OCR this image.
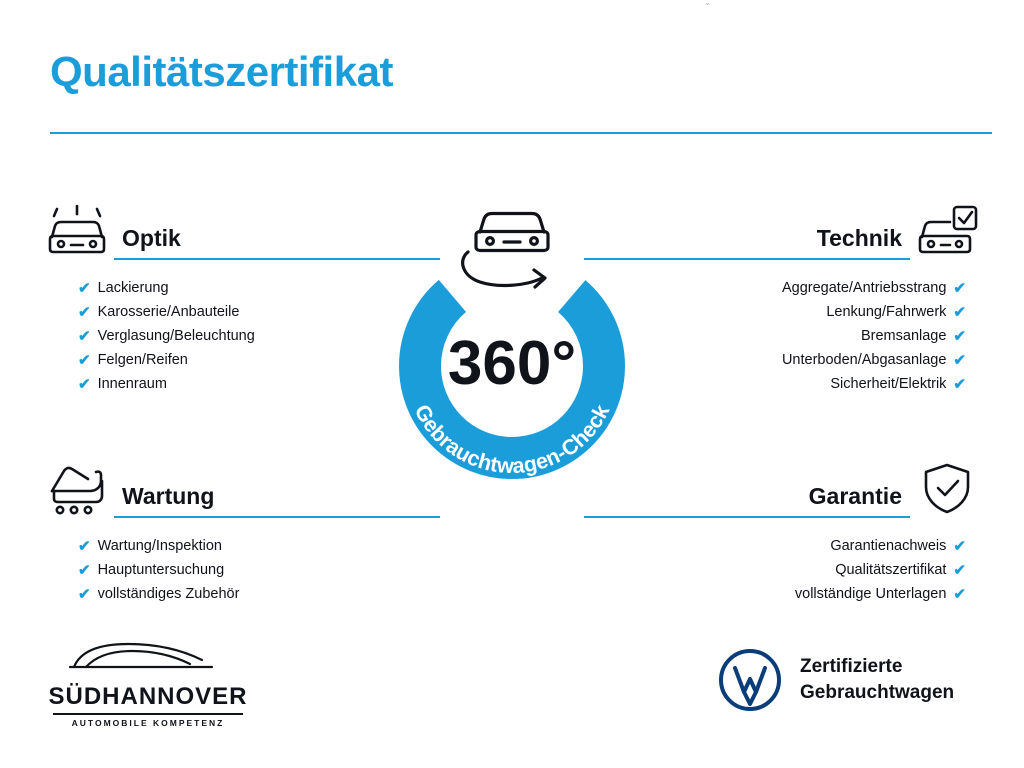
ˇ
Qualitätszertifikat
Optik
✔ Lackierung
✔ Karosserie/Anbauteile
✔ Verglasung/Beleuchtung
✔ Felgen/Reifen
✔ Innenraum
Wartung
✔ Wartung/Inspektion
✔ Hauptuntersuchung
✔ vollständiges Zubehör
Technik
✔
Aggregate/Antriebsstrang
✔
Lenkung/Fahrwerk
✔
Bremsanlage
✔
Unterboden/Abgasanlage
✔
Sicherheit/Elektrik
Garantie
✔
Garantienachweis
✔
Qualitätszertifikat
✔
vollständige Unterlagen
360°
Gebrauchtwagen-Check
SÜDHANNOVER
AUTOMOBILE KOMPETENZ
Zertifizierte
Gebrauchtwagen
